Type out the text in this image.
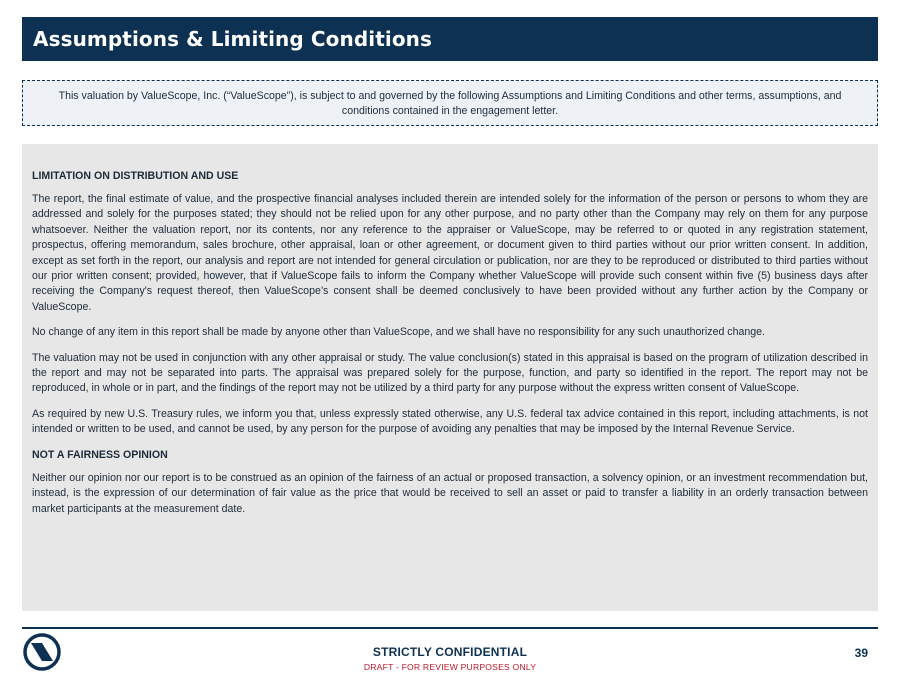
Assumptions & Limiting Conditions
This valuation by ValueScope, Inc. (“ValueScope”), is subject to and governed by the following Assumptions and Limiting Conditions and other terms, assumptions, and conditions contained in the engagement letter.
LIMITATION ON DISTRIBUTION AND USE

The report, the final estimate of value, and the prospective financial analyses included therein are intended solely for the information of the person or persons to whom they are addressed and solely for the purposes stated; they should not be relied upon for any other purpose, and no party other than the Company may rely on them for any purpose whatsoever. Neither the valuation report, nor its contents, nor any reference to the appraiser or ValueScope, may be referred to or quoted in any registration statement, prospectus, offering memorandum, sales brochure, other appraisal, loan or other agreement, or document given to third parties without our prior written consent. In addition, except as set forth in the report, our analysis and report are not intended for general circulation or publication, nor are they to be reproduced or distributed to third parties without our prior written consent; provided, however, that if ValueScope fails to inform the Company whether ValueScope will provide such consent within five (5) business days after receiving the Company's request thereof, then ValueScope’s consent shall be deemed conclusively to have been provided without any further action by the Company or ValueScope.

No change of any item in this report shall be made by anyone other than ValueScope, and we shall have no responsibility for any such unauthorized change.

The valuation may not be used in conjunction with any other appraisal or study. The value conclusion(s) stated in this appraisal is based on the program of utilization described in the report and may not be separated into parts. The appraisal was prepared solely for the purpose, function, and party so identified in the report. The report may not be reproduced, in whole or in part, and the findings of the report may not be utilized by a third party for any purpose without the express written consent of ValueScope.

As required by new U.S. Treasury rules, we inform you that, unless expressly stated otherwise, any U.S. federal tax advice contained in this report, including attachments, is not intended or written to be used, and cannot be used, by any person for the purpose of avoiding any penalties that may be imposed by the Internal Revenue Service.

NOT A FAIRNESS OPINION

Neither our opinion nor our report is to be construed as an opinion of the fairness of an actual or proposed transaction, a solvency opinion, or an investment recommendation but, instead, is the expression of our determination of fair value as the price that would be received to sell an asset or paid to transfer a liability in an orderly transaction between market participants at the measurement date.

STRICTLY CONFIDENTIAL
DRAFT - FOR REVIEW PURPOSES ONLY
39
